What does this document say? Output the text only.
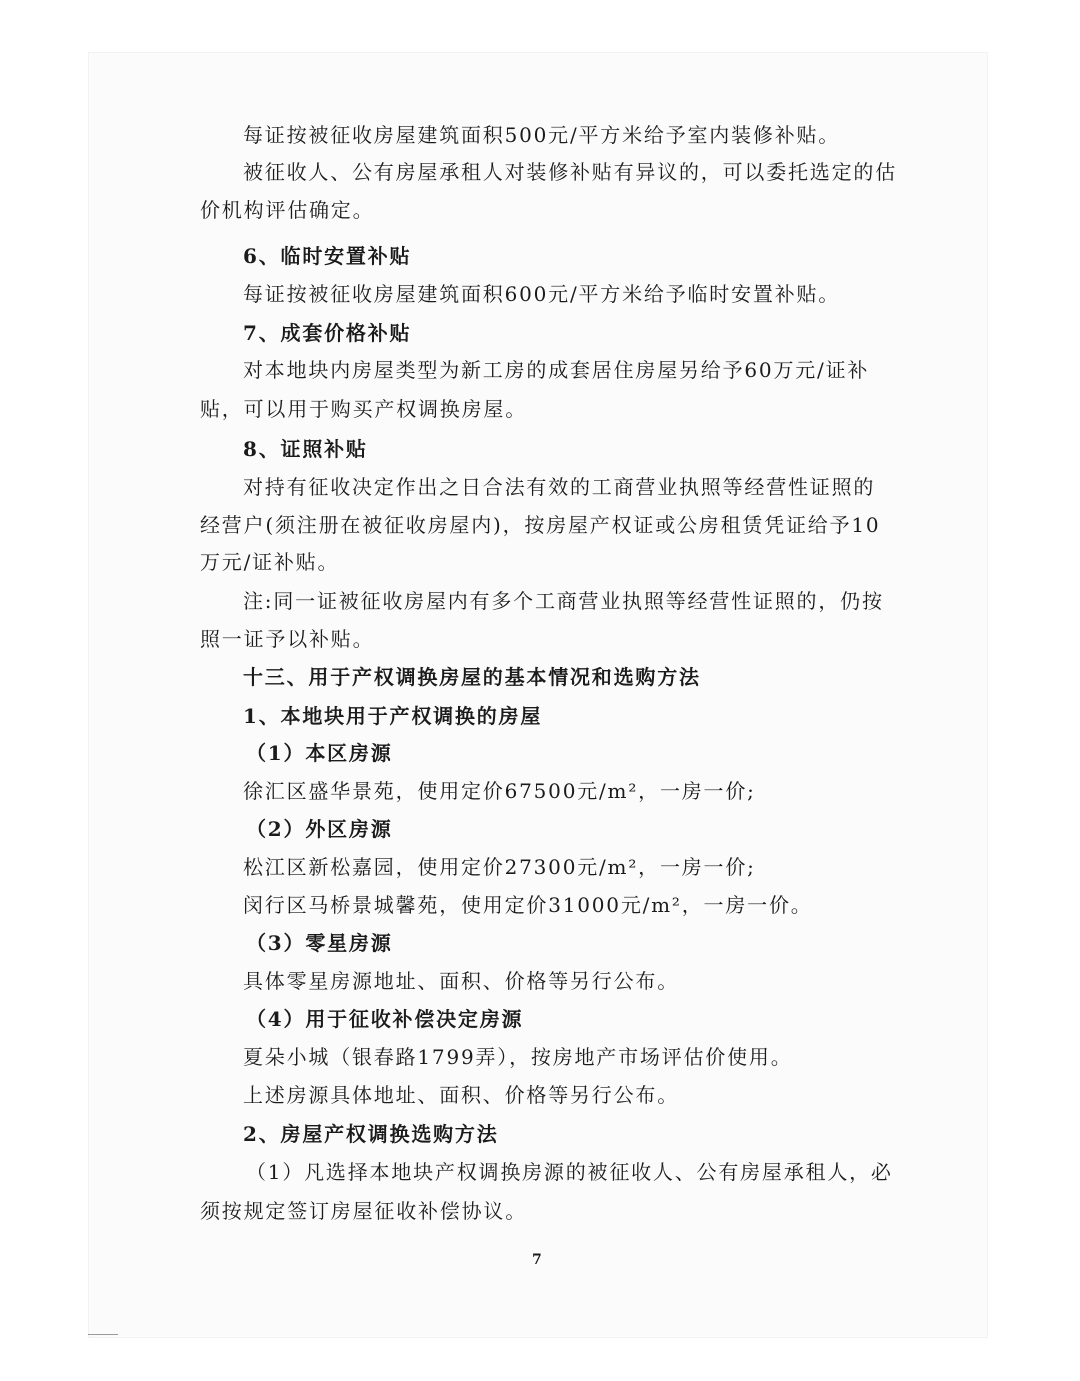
每证按被征收房屋建筑面积500元/平方米给予室内装修补贴。
被征收人、公有房屋承租人对装修补贴有异议的，可以委托选定的估
价机构评估确定。
6、临时安置补贴
每证按被征收房屋建筑面积600元/平方米给予临时安置补贴。
7、成套价格补贴
对本地块内房屋类型为新工房的成套居住房屋另给予60万元/证补
贴，可以用于购买产权调换房屋。
8、证照补贴
对持有征收决定作出之日合法有效的工商营业执照等经营性证照的
经营户(须注册在被征收房屋内)，按房屋产权证或公房租赁凭证给予10
万元/证补贴。
注:同一证被征收房屋内有多个工商营业执照等经营性证照的，仍按
照一证予以补贴。
十三、用于产权调换房屋的基本情况和选购方法
1、本地块用于产权调换的房屋
（1）本区房源
徐汇区盛华景苑，使用定价67500元/m²，一房一价;
（2）外区房源
松江区新松嘉园，使用定价27300元/m²，一房一价;
闵行区马桥景城馨苑，使用定价31000元/m²，一房一价。
（3）零星房源
具体零星房源地址、面积、价格等另行公布。
（4）用于征收补偿决定房源
夏朵小城（银春路1799弄），按房地产市场评估价使用。
上述房源具体地址、面积、价格等另行公布。
2、房屋产权调换选购方法
（1）凡选择本地块产权调换房源的被征收人、公有房屋承租人，必
须按规定签订房屋征收补偿协议。
7
